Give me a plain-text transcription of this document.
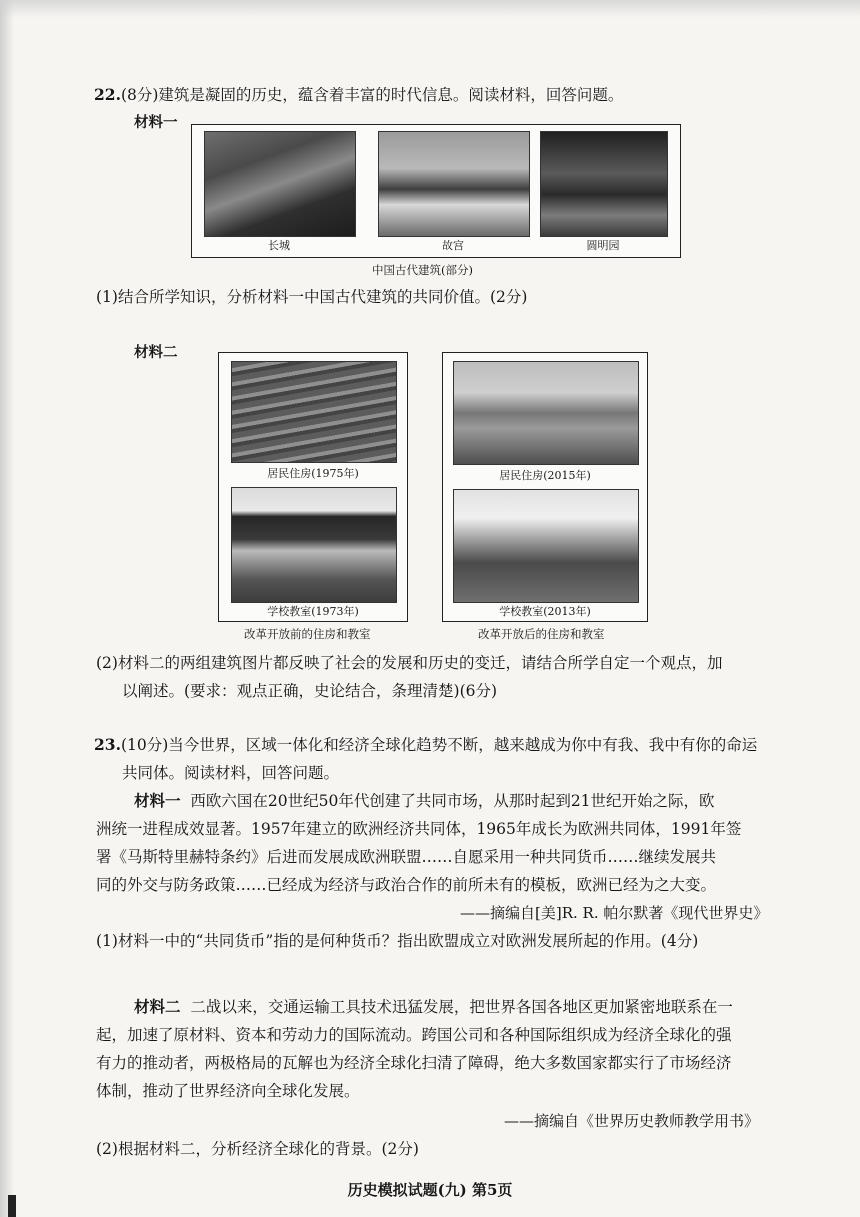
22.(8分)建筑是凝固的历史，蕴含着丰富的时代信息。阅读材料，回答问题。
材料一
长城	故宫	圆明园
中国古代建筑(部分)
(1)结合所学知识，分析材料一中国古代建筑的共同价值。(2分)
材料二
居民住房(1975年)
学校教室(1973年)
居民住房(2015年)
学校教室(2013年)
改革开放前的住房和教室	改革开放后的住房和教室
(2)材料二的两组建筑图片都反映了社会的发展和历史的变迁，请结合所学自定一个观点，加
以阐述。(要求：观点正确，史论结合，条理清楚)(6分)
23.(10分)当今世界，区域一体化和经济全球化趋势不断，越来越成为你中有我、我中有你的命运
共同体。阅读材料，回答问题。
材料一 西欧六国在20世纪50年代创建了共同市场，从那时起到21世纪开始之际，欧
洲统一进程成效显著。1957年建立的欧洲经济共同体，1965年成长为欧洲共同体，1991年签
署《马斯特里赫特条约》后进而发展成欧洲联盟……自愿采用一种共同货币……继续发展共
同的外交与防务政策……已经成为经济与政治合作的前所未有的模板，欧洲已经为之大变。
——摘编自[美]R. R. 帕尔默著《现代世界史》
(1)材料一中的“共同货币”指的是何种货币？指出欧盟成立对欧洲发展所起的作用。(4分)
材料二 二战以来，交通运输工具技术迅猛发展，把世界各国各地区更加紧密地联系在一
起，加速了原材料、资本和劳动力的国际流动。跨国公司和各种国际组织成为经济全球化的强
有力的推动者，两极格局的瓦解也为经济全球化扫清了障碍，绝大多数国家都实行了市场经济
体制，推动了世界经济向全球化发展。
——摘编自《世界历史教师教学用书》
(2)根据材料二，分析经济全球化的背景。(2分)
历史模拟试题(九) 第5页
